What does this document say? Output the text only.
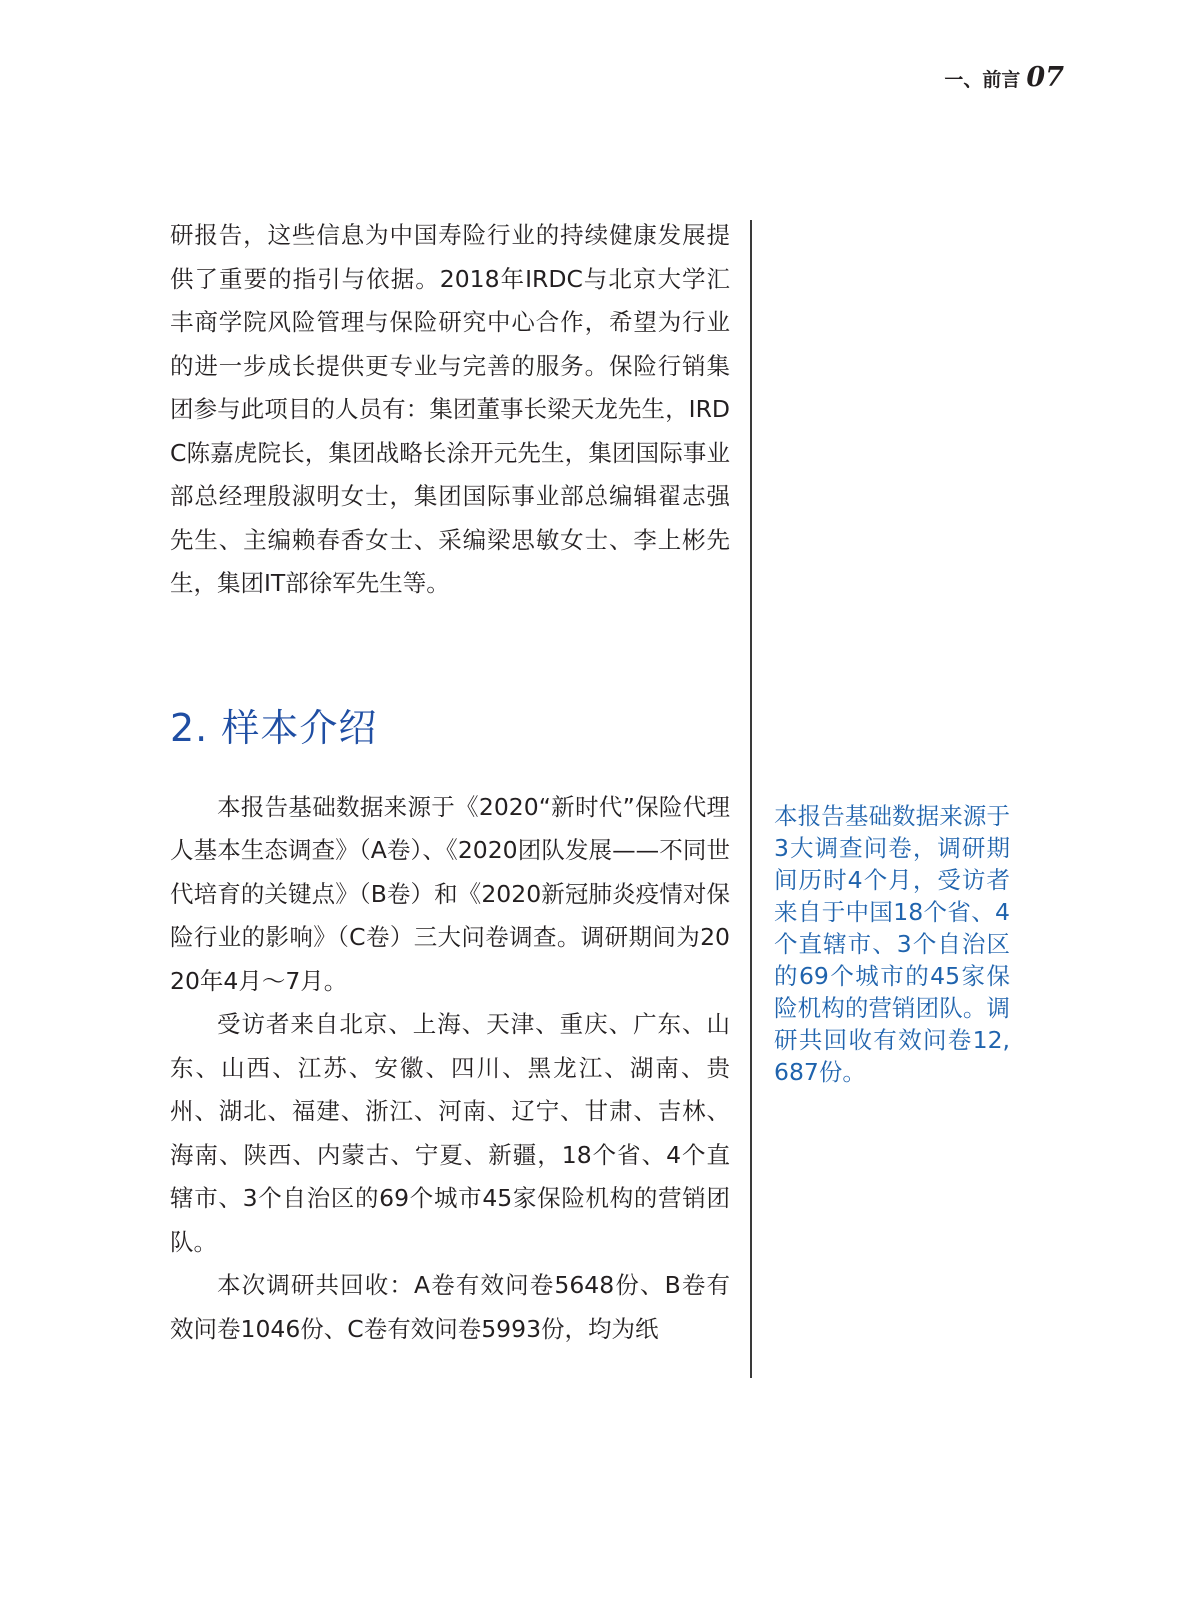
一、前言 07

研报告，这些信息为中国寿险行业的持续健康发展提供了重要的指引与依据。2018年IRDC与北京大学汇丰商学院风险管理与保险研究中心合作，希望为行业的进一步成长提供更专业与完善的服务。保险行销集团参与此项目的人员有：集团董事长梁天龙先生，IRDC陈嘉虎院长，集团战略长涂开元先生，集团国际事业部总经理殷淑明女士，集团国际事业部总编辑翟志强先生、主编赖春香女士、采编梁思敏女士、李上彬先生，集团IT部徐军先生等。

2. 样本介绍

本报告基础数据来源于《2020“新时代”保险代理人基本生态调查》（A卷）、《2020团队发展——不同世代培育的关键点》（B卷）和《2020新冠肺炎疫情对保险行业的影响》（C卷）三大问卷调查。调研期间为2020年4月～7月。

受访者来自北京、上海、天津、重庆、广东、山东、山西、江苏、安徽、四川、黑龙江、湖南、贵州、湖北、福建、浙江、河南、辽宁、甘肃、吉林、海南、陕西、内蒙古、宁夏、新疆，18个省、4个直辖市、3个自治区的69个城市45家保险机构的营销团队。

本次调研共回收：A卷有效问卷5648份、B卷有效问卷1046份、C卷有效问卷5993份，均为纸

本报告基础数据来源于3大调查问卷，调研期间历时4个月，受访者来自于中国18个省、4个直辖市、3个自治区的69个城市的45家保险机构的营销团队。调研共回收有效问卷12,687份。
